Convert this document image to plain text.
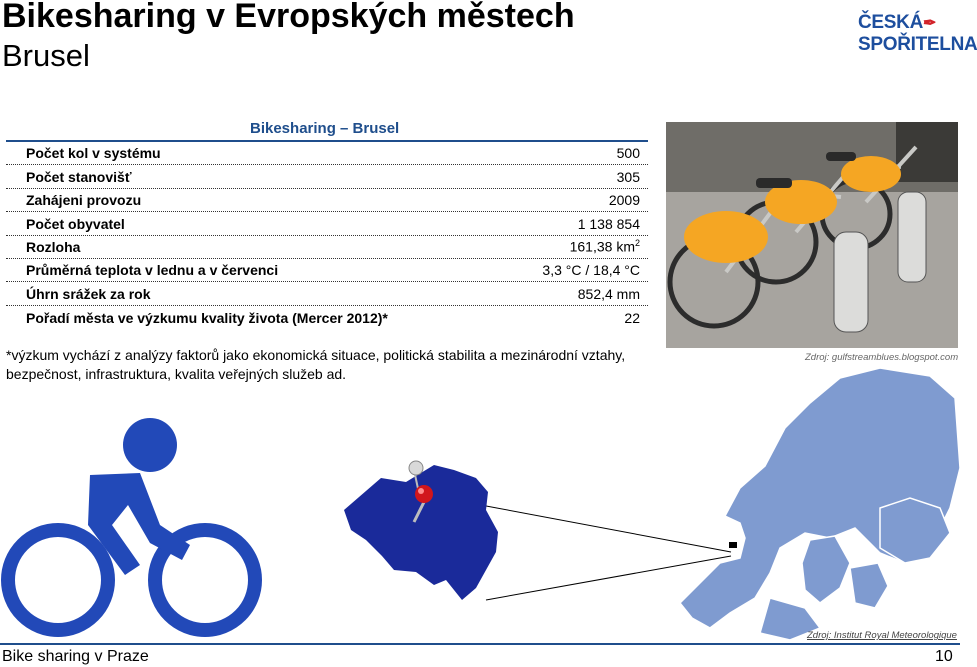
Bikesharing v Evropských městech
Brusel
ČESKÁ✒
SPOŘITELNA
Bikesharing – Brusel
Počet kol v systému	500
Počet stanovišť	305
Zahájeni provozu	2009
Počet obyvatel	1 138 854
Rozloha	161,38 $km^2$
Průměrná teplota v lednu a v červenci	3,3 °C / 18,4 °C
Úhrn srážek za rok	852,4 mm
Pořadí města ve výzkumu kvality života (Mercer 2012)*	22
*výzkum vychází z analýzy faktorů jako ekonomická situace, politická stabilita a mezinárodní vztahy, bezpečnost, infrastruktura, kvalita veřejných služeb ad.
Zdroj: gulfstreamblues.blogspot.com
Zdroj: Institut Royal Meteorologique
Bike sharing v Praze	10
